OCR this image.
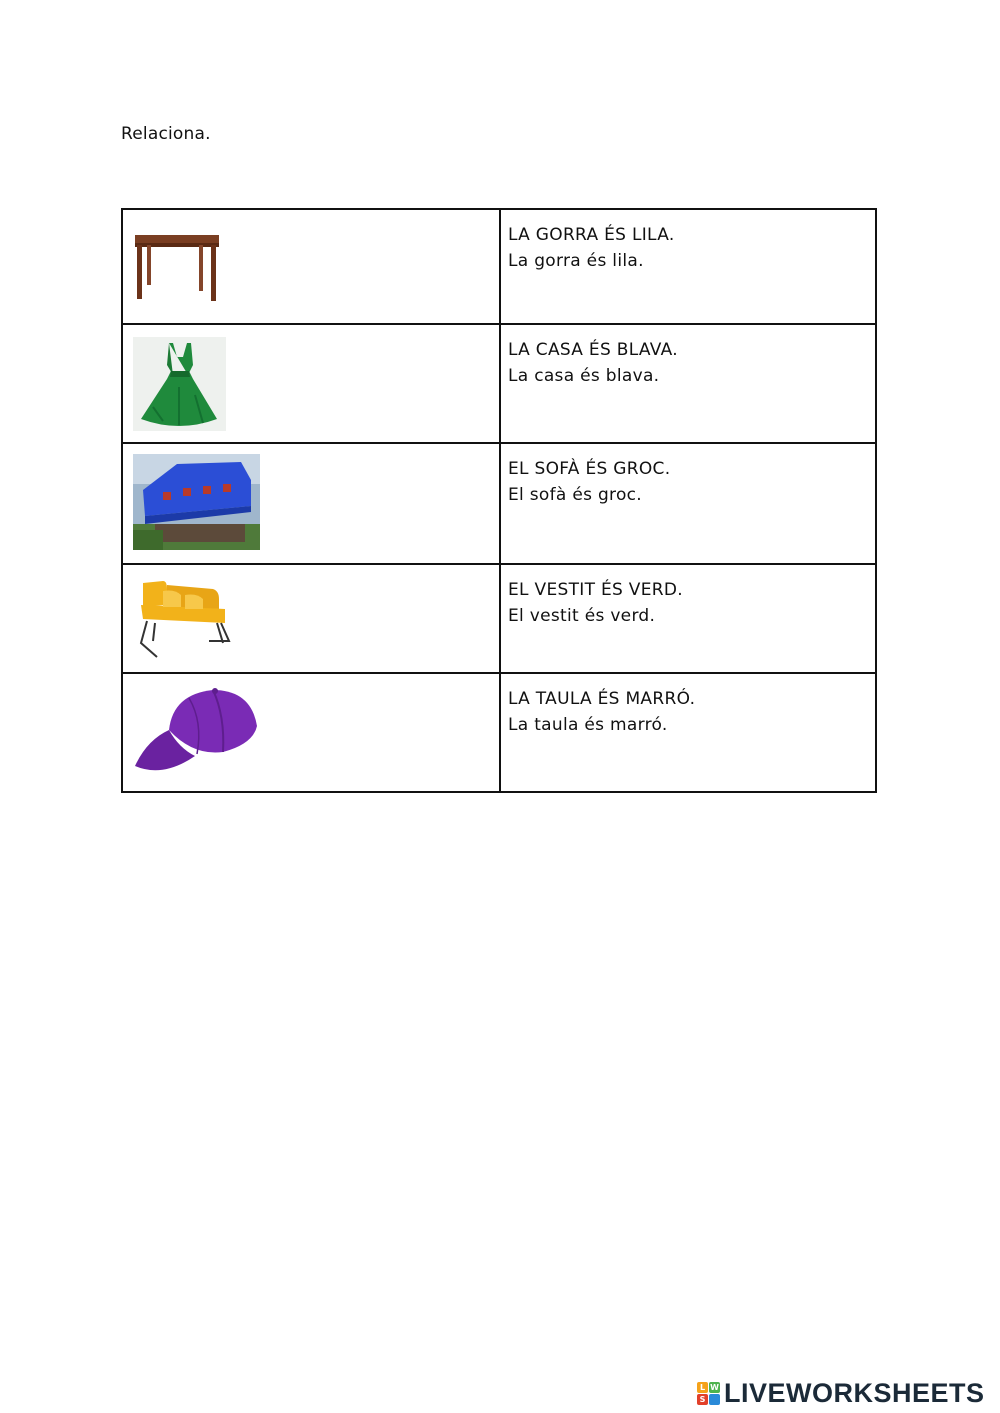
Relaciona.

LA GORRA ÉS LILA.
La gorra és lila.

LA CASA ÉS BLAVA.
La casa és blava.

EL SOFÀ ÉS GROC.
El sofà és groc.

EL VESTIT ÉS VERD.
El vestit és verd.

LA TAULA ÉS MARRÓ.
La taula és marró.
L W
S LIVEWORKSHEETS
